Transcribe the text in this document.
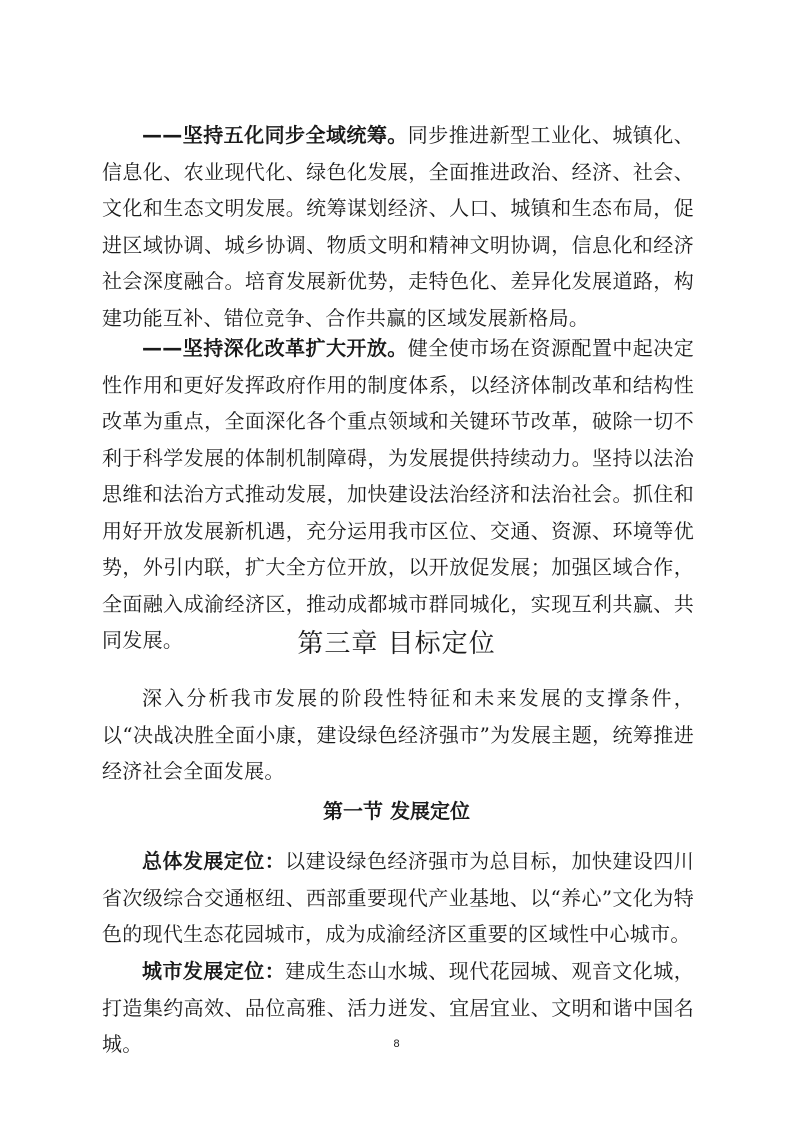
——坚持五化同步全域统筹。同步推进新型工业化、城镇化、信息化、农业现代化、绿色化发展，全面推进政治、经济、社会、文化和生态文明发展。统筹谋划经济、人口、城镇和生态布局，促进区域协调、城乡协调、物质文明和精神文明协调，信息化和经济社会深度融合。培育发展新优势，走特色化、差异化发展道路，构建功能互补、错位竞争、合作共赢的区域发展新格局。

——坚持深化改革扩大开放。健全使市场在资源配置中起决定性作用和更好发挥政府作用的制度体系，以经济体制改革和结构性改革为重点，全面深化各个重点领域和关键环节改革，破除一切不利于科学发展的体制机制障碍，为发展提供持续动力。坚持以法治思维和法治方式推动发展，加快建设法治经济和法治社会。抓住和用好开放发展新机遇，充分运用我市区位、交通、资源、环境等优势，外引内联，扩大全方位开放，以开放促发展；加强区域合作，全面融入成渝经济区，推动成都城市群同城化，实现互利共赢、共同发展。	第三章 目标定位

深入分析我市发展的阶段性特征和未来发展的支撑条件，以“决战决胜全面小康，建设绿色经济强市”为发展主题，统筹推进经济社会全面发展。

第一节 发展定位

总体发展定位：以建设绿色经济强市为总目标，加快建设四川省次级综合交通枢纽、西部重要现代产业基地、以“养心”文化为特色的现代生态花园城市，成为成渝经济区重要的区域性中心城市。

城市发展定位：建成生态山水城、现代花园城、观音文化城，打造集约高效、品位高雅、活力迸发、宜居宜业、文明和谐中国名城。	8
